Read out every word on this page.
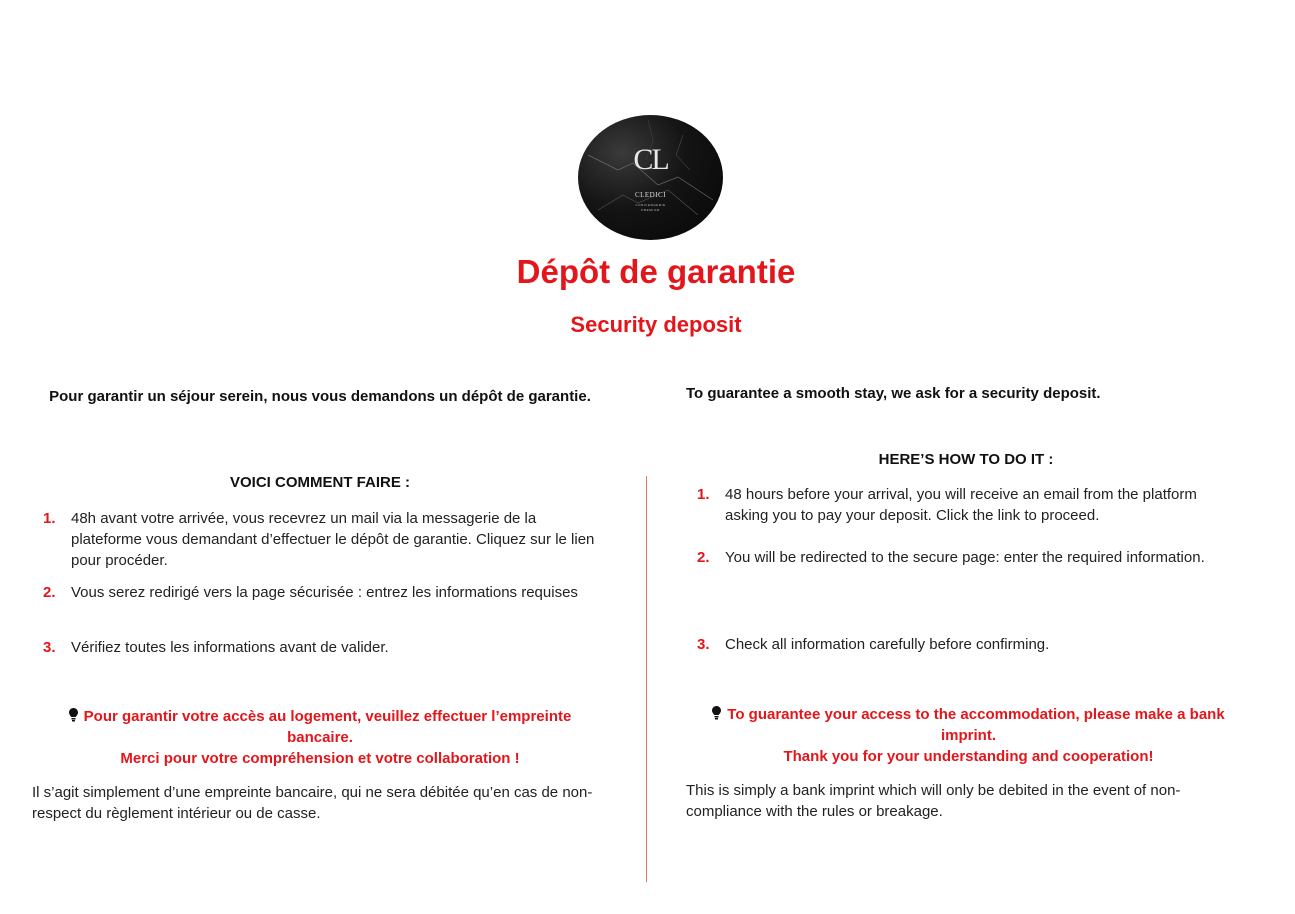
CL
CLEDICI
CONCIERGERIE
PREMIUM
Dépôt de garantie
Security deposit
Pour garantir un séjour serein, nous vous demandons un dépôt de garantie.
VOICI COMMENT FAIRE :
1. 48h avant votre arrivée, vous recevrez un mail via la messagerie de la plateforme vous demandant d’effectuer le dépôt de garantie. Cliquez sur le lien pour procéder.
2. Vous serez redirigé vers la page sécurisée : entrez les informations requises
3. Vérifiez toutes les informations avant de valider.
Pour garantir votre accès au logement, veuillez effectuer l’empreinte bancaire.
Merci pour votre compréhension et votre collaboration !
Il s’agit simplement d’une empreinte bancaire, qui ne sera débitée qu’en cas de non-respect du règlement intérieur ou de casse.
To guarantee a smooth stay, we ask for a security deposit.
HERE’S HOW TO DO IT :
1. 48 hours before your arrival, you will receive an email from the platform asking you to pay your deposit. Click the link to proceed.
2. You will be redirected to the secure page: enter the required information.
3. Check all information carefully before confirming.
To guarantee your access to the accommodation, please make a bank imprint.
Thank you for your understanding and cooperation!
This is simply a bank imprint which will only be debited in the event of non-compliance with the rules or breakage.
